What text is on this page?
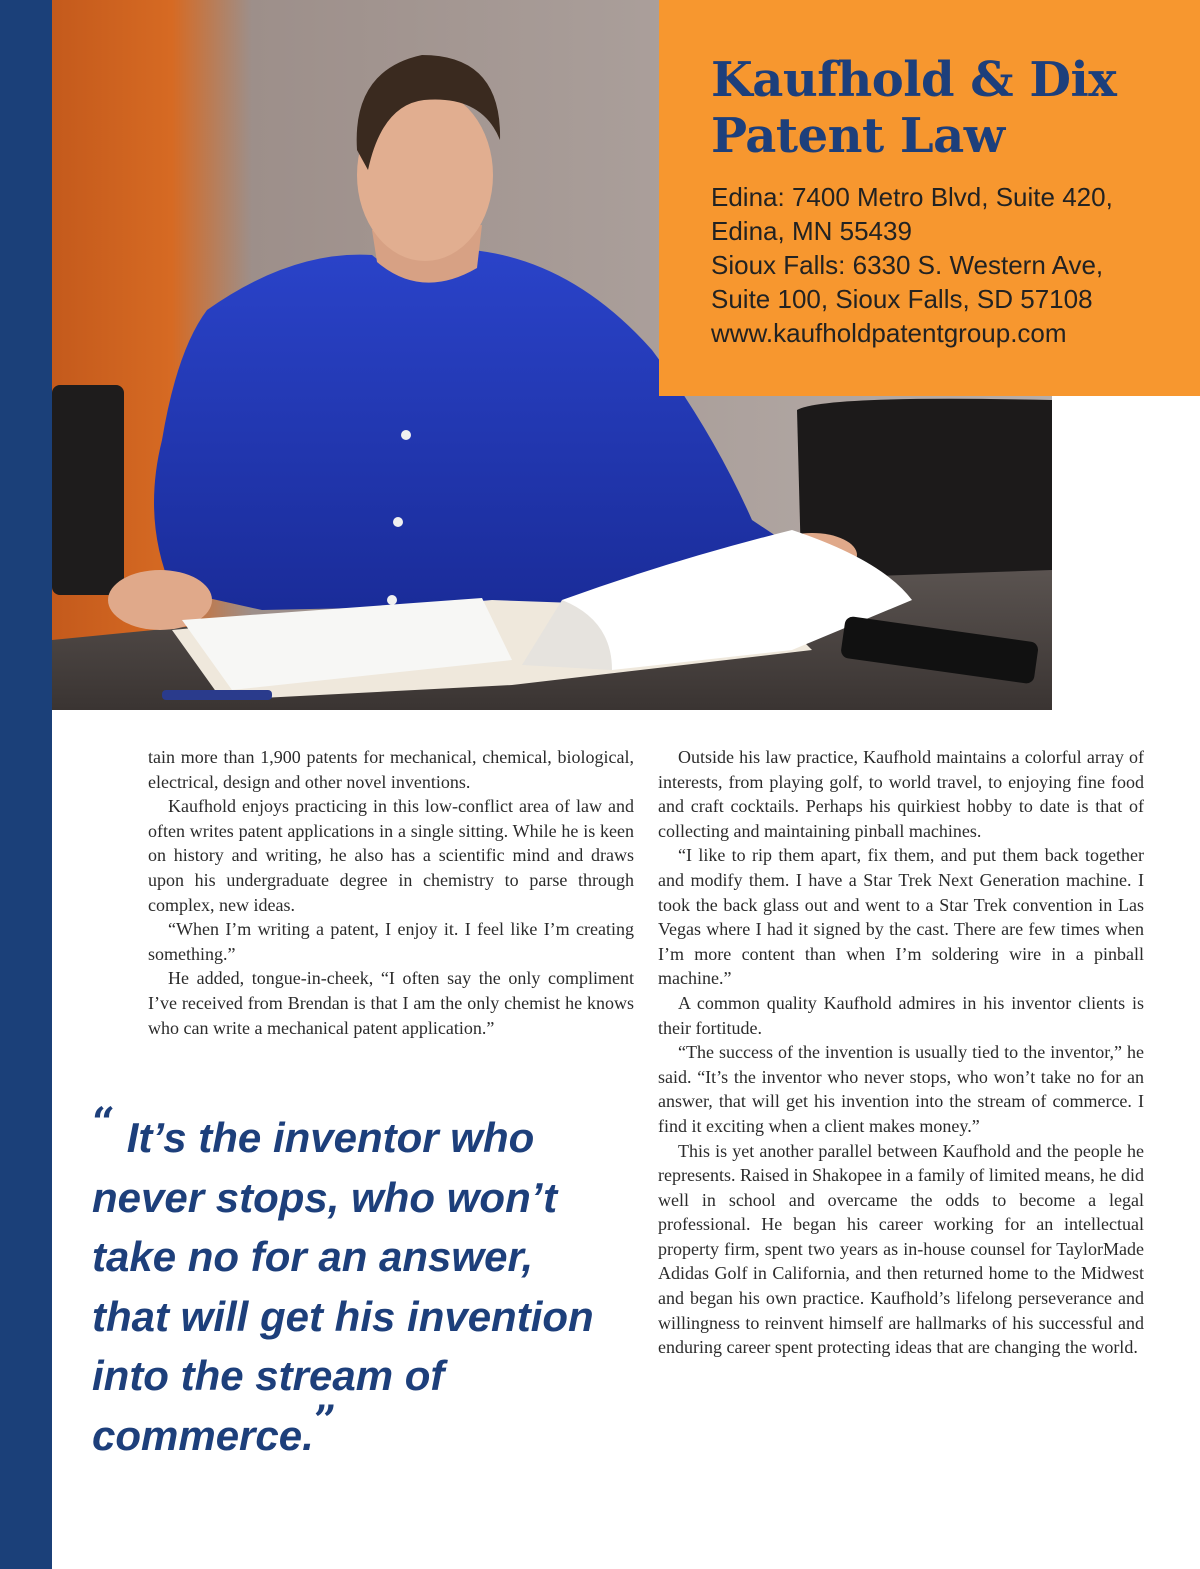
Kaufhold & Dix
Patent Law
Edina: 7400 Metro Blvd, Suite 420,
Edina, MN 55439
Sioux Falls: 6330 S. Western Ave,
Suite 100, Sioux Falls, SD 57108
www.kaufholdpatentgroup.com

tain more than 1,900 patents for mechanical, chemical, biological, electrical, design and other novel inventions.

Kaufhold enjoys practicing in this low-conflict area of law and often writes patent applications in a single sitting. While he is keen on history and writing, he also has a scientific mind and draws upon his undergraduate degree in chemistry to parse through complex, new ideas.

“When I’m writing a patent, I enjoy it. I feel like I’m creating something.”

He added, tongue-in-cheek, “I often say the only compliment I’ve received from Brendan is that I am the only chemist he knows who can write a mechanical patent application.”

Outside his law practice, Kaufhold maintains a colorful array of interests, from playing golf, to world travel, to enjoying fine food and craft cocktails. Perhaps his quirkiest hobby to date is that of collecting and maintaining pinball machines.

“I like to rip them apart, fix them, and put them back together and modify them. I have a Star Trek Next Generation machine. I took the back glass out and went to a Star Trek convention in Las Vegas where I had it signed by the cast. There are few times when I’m more content than when I’m soldering wire in a pinball machine.”

A common quality Kaufhold admires in his inventor clients is their fortitude.

“The success of the invention is usually tied to the inventor,” he said. “It’s the inventor who never stops, who won’t take no for an answer, that will get his invention into the stream of commerce. I find it exciting when a client makes money.”

This is yet another parallel between Kaufhold and the people he represents. Raised in Shakopee in a family of limited means, he did well in school and overcame the odds to become a legal professional. He began his career working for an intellectual property firm, spent two years as in-house counsel for TaylorMade Adidas Golf in California, and then returned home to the Midwest and began his own practice. Kaufhold’s lifelong perseverance and willingness to reinvent himself are hallmarks of his successful and enduring career spent protecting ideas that are changing the world.

“ It’s the inventor who
never stops, who won’t
take no for an answer,
that will get his invention
into the stream of
commerce.”
